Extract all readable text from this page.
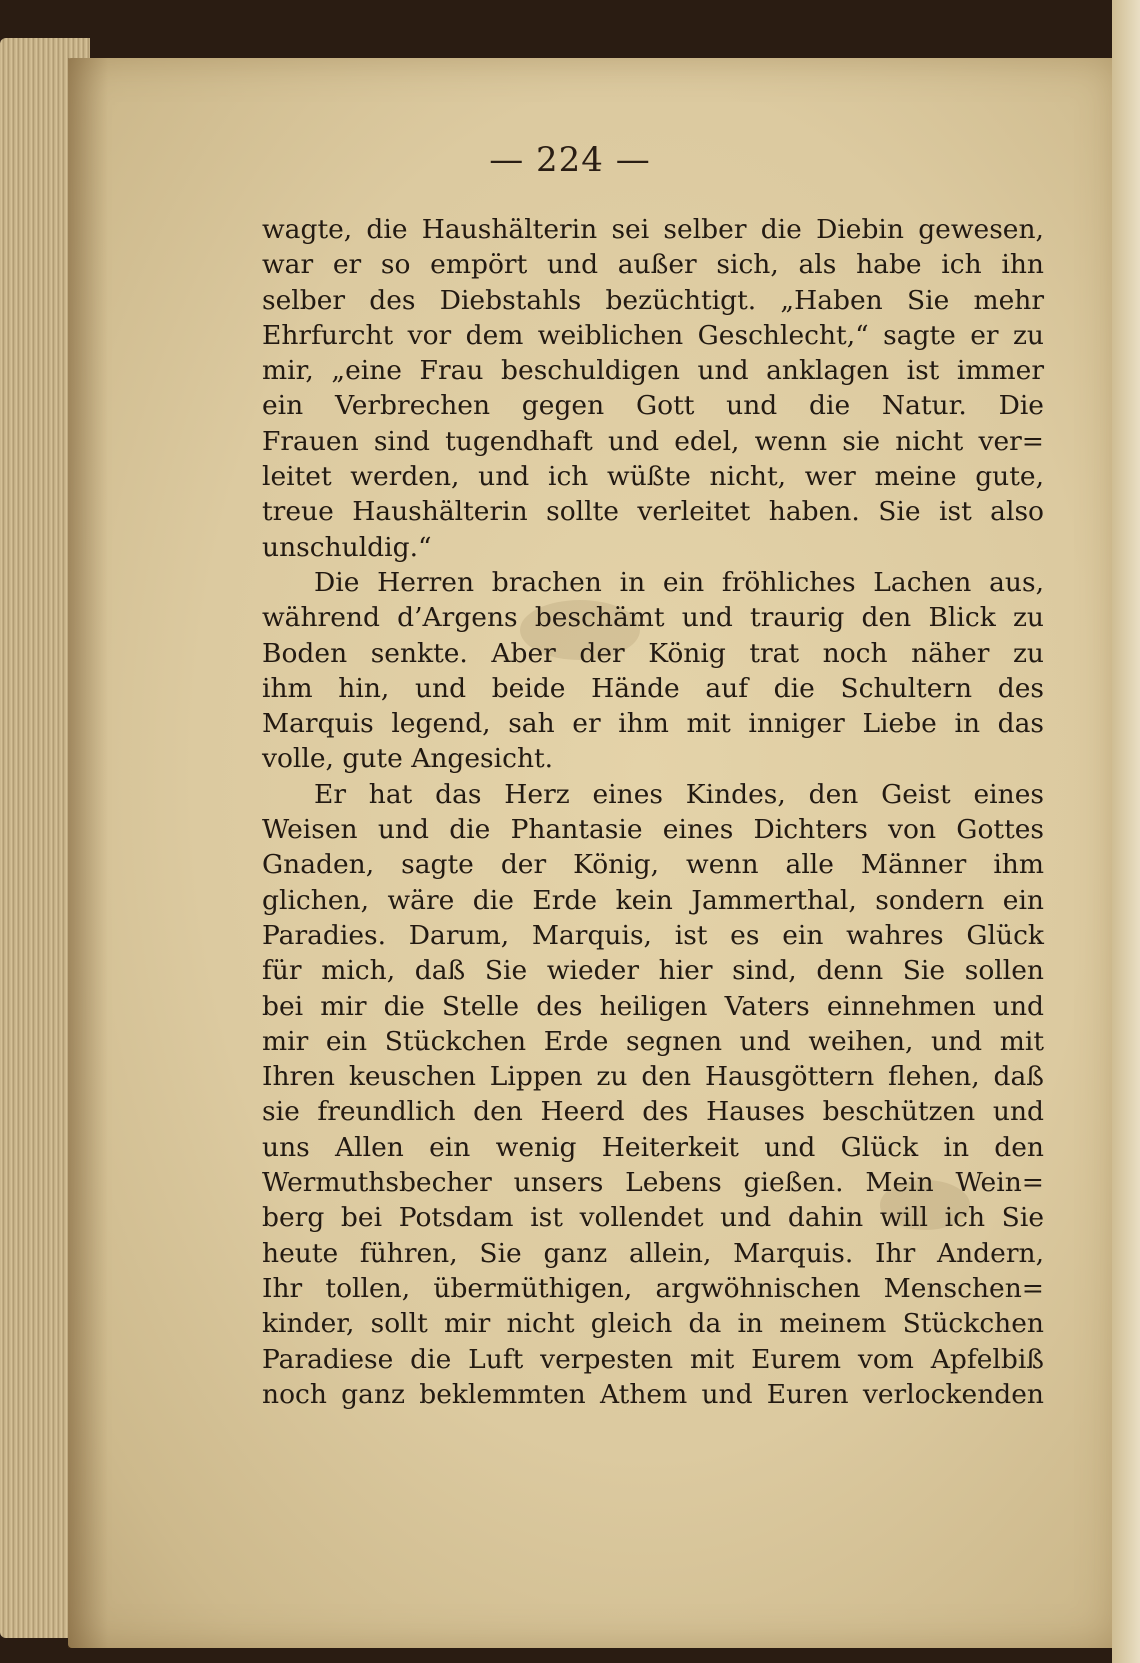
— 224 —
wagte, die Haushälterin sei selber die Diebin gewesen,
war er so empört und außer sich, als habe ich ihn
selber des Diebstahls bezüchtigt. „Haben Sie mehr
Ehrfurcht vor dem weiblichen Geschlecht,“ sagte er zu
mir, „eine Frau beschuldigen und anklagen ist immer
ein Verbrechen gegen Gott und die Natur. Die
Frauen sind tugendhaft und edel, wenn sie nicht ver=
leitet werden, und ich wüßte nicht, wer meine gute,
treue Haushälterin sollte verleitet haben. Sie ist also
unschuldig.“
Die Herren brachen in ein fröhliches Lachen aus,
während d’Argens beschämt und traurig den Blick zu
Boden senkte. Aber der König trat noch näher zu
ihm hin, und beide Hände auf die Schultern des
Marquis legend, sah er ihm mit inniger Liebe in das
volle, gute Angesicht.
Er hat das Herz eines Kindes, den Geist eines
Weisen und die Phantasie eines Dichters von Gottes
Gnaden, sagte der König, wenn alle Männer ihm
glichen, wäre die Erde kein Jammerthal, sondern ein
Paradies. Darum, Marquis, ist es ein wahres Glück
für mich, daß Sie wieder hier sind, denn Sie sollen
bei mir die Stelle des heiligen Vaters einnehmen und
mir ein Stückchen Erde segnen und weihen, und mit
Ihren keuschen Lippen zu den Hausgöttern flehen, daß
sie freundlich den Heerd des Hauses beschützen und
uns Allen ein wenig Heiterkeit und Glück in den
Wermuthsbecher unsers Lebens gießen. Mein Wein=
berg bei Potsdam ist vollendet und dahin will ich Sie
heute führen, Sie ganz allein, Marquis. Ihr Andern,
Ihr tollen, übermüthigen, argwöhnischen Menschen=
kinder, sollt mir nicht gleich da in meinem Stückchen
Paradiese die Luft verpesten mit Eurem vom Apfelbiß
noch ganz beklemmten Athem und Euren verlockenden
